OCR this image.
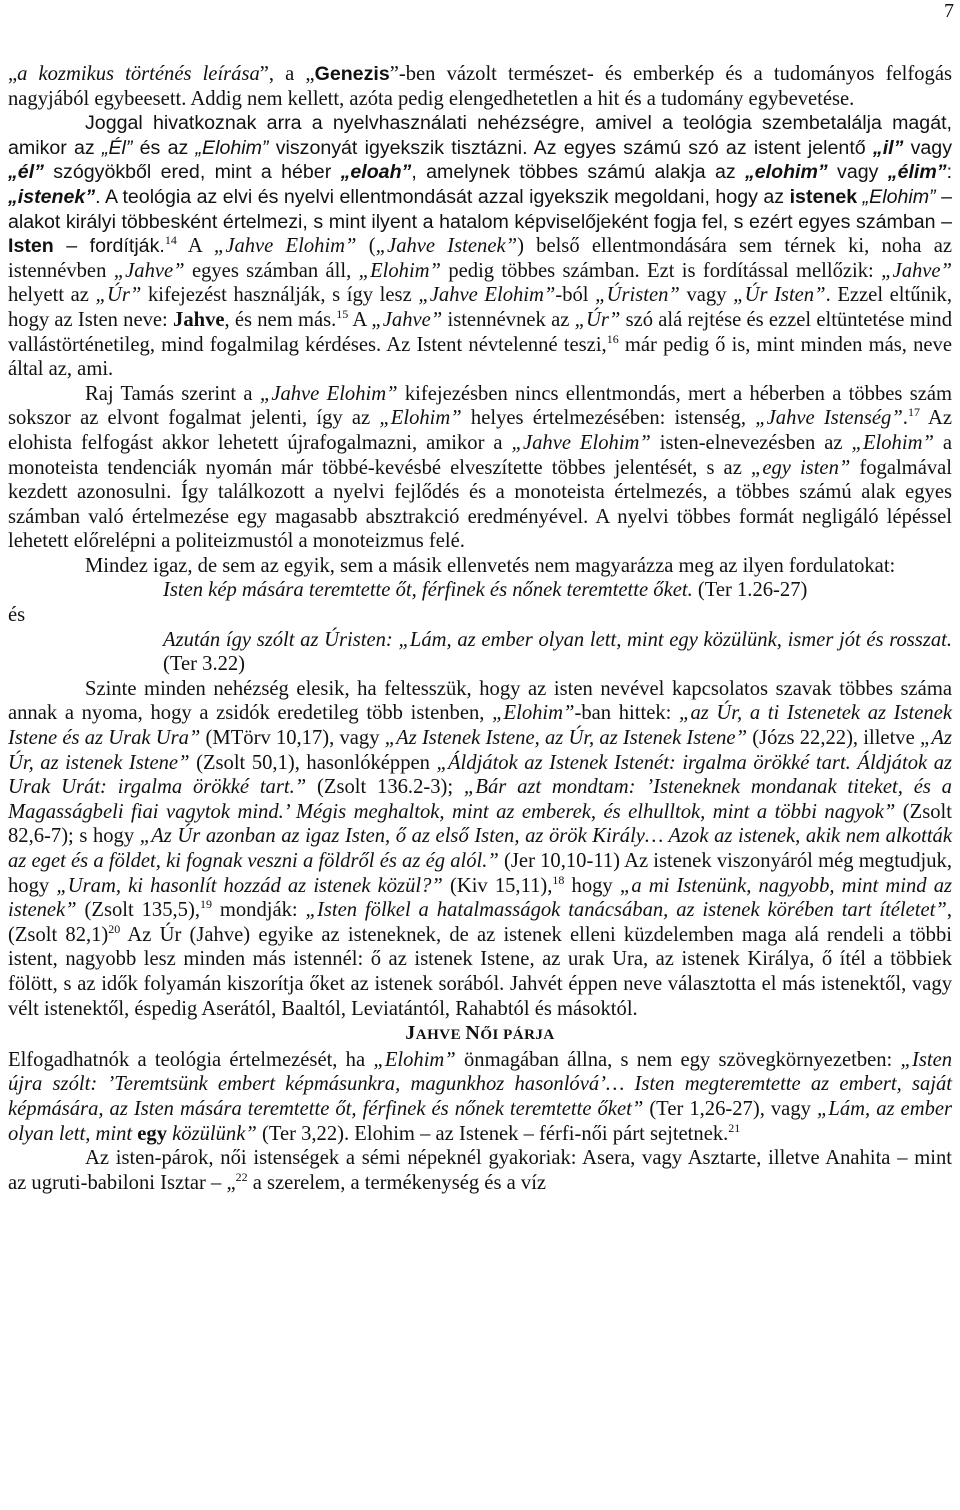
7

„a kozmikus történés leírása”, a „Genezis”-ben vázolt természet- és emberkép és a tudományos felfogás nagyjából egybeesett. Addig nem kellett, azóta pedig elengedhetetlen a hit és a tudomány egybevetése.

Joggal hivatkoznak arra a nyelvhasználati nehézségre, amivel a teológia szembetalálja magát, amikor az „Él” és az „Elohim” viszonyát igyekszik tisztázni. Az egyes számú szó az istent jelentő „il” vagy „él” szógyökből ered, mint a héber „eloah”, amelynek többes számú alakja az „elohim” vagy „élim”: „istenek”. A teológia az elvi és nyelvi ellentmondását azzal igyekszik megoldani, hogy az istenek „Elohim” – alakot királyi többesként értelmezi, s mint ilyent a hatalom képviselőjeként fogja fel, s ezért egyes számban – Isten – fordítják.$^{14}$ A „Jahve Elohim” („Jahve Istenek”) belső ellentmondására sem térnek ki, noha az istennévben „Jahve” egyes számban áll, „Elohim” pedig többes számban. Ezt is fordítással mellőzik: „Jahve” helyett az „Úr” kifejezést használják, s így lesz „Jahve Elohim”-ból „Úristen” vagy „Úr Isten”. Ezzel eltűnik, hogy az Isten neve: Jahve, és nem más.$^{15}$ A „Jahve” istennévnek az „Úr” szó alá rejtése és ezzel eltüntetése mind vallástörténetileg, mind fogalmilag kérdéses. Az Istent névtelenné teszi,$^{16}$ már pedig ő is, mint minden más, neve által az, ami.

Raj Tamás szerint a „Jahve Elohim” kifejezésben nincs ellentmondás, mert a héberben a többes szám sokszor az elvont fogalmat jelenti, így az „Elohim” helyes értelmezésében: istenség, „Jahve Istenség”.$^{17}$ Az elohista felfogást akkor lehetett újrafogalmazni, amikor a „Jahve Elohim” isten-elnevezésben az „Elohim” a monoteista tendenciák nyomán már többé-kevésbé elveszítette többes jelentését, s az „egy isten” fogalmával kezdett azonosulni. Így találkozott a nyelvi fejlődés és a monoteista értelmezés, a többes számú alak egyes számban való értelmezése egy magasabb absztrakció eredményével. A nyelvi többes formát negligáló lépéssel lehetett előrelépni a politeizmustól a monoteizmus felé.

Mindez igaz, de sem az egyik, sem a másik ellenvetés nem magyarázza meg az ilyen fordulatokat:

Isten kép mására teremtette őt, férfinek és nőnek teremtette őket. (Ter 1.26-27)

és

Azután így szólt az Úristen: „Lám, az ember olyan lett, mint egy közülünk, ismer jót és rosszat.(Ter 3.22)

Szinte minden nehézség elesik, ha feltesszük, hogy az isten nevével kapcsolatos szavak többes száma annak a nyoma, hogy a zsidók eredetileg több istenben, „Elohim”-ban hittek: „az Úr, a ti Istenetek az Istenek Istene és az Urak Ura” (MTörv 10,17), vagy „Az Istenek Istene, az Úr, az Istenek Istene” (Józs 22,22), illetve „Az Úr, az istenek Istene” (Zsolt 50,1), hasonlóképpen „Áldjátok az Istenek Istenét: irgalma örökké tart. Áldjátok az Urak Urát: irgalma örökké tart.” (Zsolt 136.2-3); „Bár azt mondtam: ’Isteneknek mondanak titeket, és a Magasságbeli fiai vagytok mind.’ Mégis meghaltok, mint az emberek, és elhulltok, mint a többi nagyok” (Zsolt 82,6-7); s hogy „Az Úr azonban az igaz Isten, ő az első Isten, az örök Király… Azok az istenek, akik nem alkották az eget és a földet, ki fognak veszni a földről és az ég alól.” (Jer 10,10-11) Az istenek viszonyáról még megtudjuk, hogy „Uram, ki hasonlít hozzád az istenek közül?” (Kiv 15,11),$^{18}$ hogy „a mi Istenünk, nagyobb, mint mind az istenek” (Zsolt 135,5),$^{19}$ mondják: „Isten fölkel a hatalmasságok tanácsában, az istenek körében tart ítéletet”, (Zsolt 82,1)$^{20}$ Az Úr (Jahve) egyike az isteneknek, de az istenek elleni küzdelemben maga alá rendeli a többi istent, nagyobb lesz minden más istennél: ő az istenek Istene, az urak Ura, az istenek Királya, ő ítél a többiek fölött, s az idők folyamán kiszorítja őket az istenek sorából. Jahvét éppen neve választotta el más istenektől, vagy vélt istenektől, éspedig Aserától, Baaltól, Leviatántól, Rahabtól és másoktól.

JAHVE NŐI PÁRJA

Elfogadhatnók a teológia értelmezését, ha „Elohim” önmagában állna, s nem egy szövegkörnyezetben: „Isten újra szólt: ’Teremtsünk embert képmásunkra, magunkhoz hasonlóvá’… Isten megteremtette az embert, saját képmására, az Isten mására teremtette őt, férfinek és nőnek teremtette őket” (Ter 1,26-27), vagy „Lám, az ember olyan lett, mint egy közülünk” (Ter 3,22). Elohim – az Istenek – férfi-női párt sejtetnek.$^{21}$

Az isten-párok, női istenségek a sémi népeknél gyakoriak: Asera, vagy Asztarte, illetve Anahita – mint az ugruti-babiloni Isztar – „$^{22}$ a szerelem, a termékenység és a víz
